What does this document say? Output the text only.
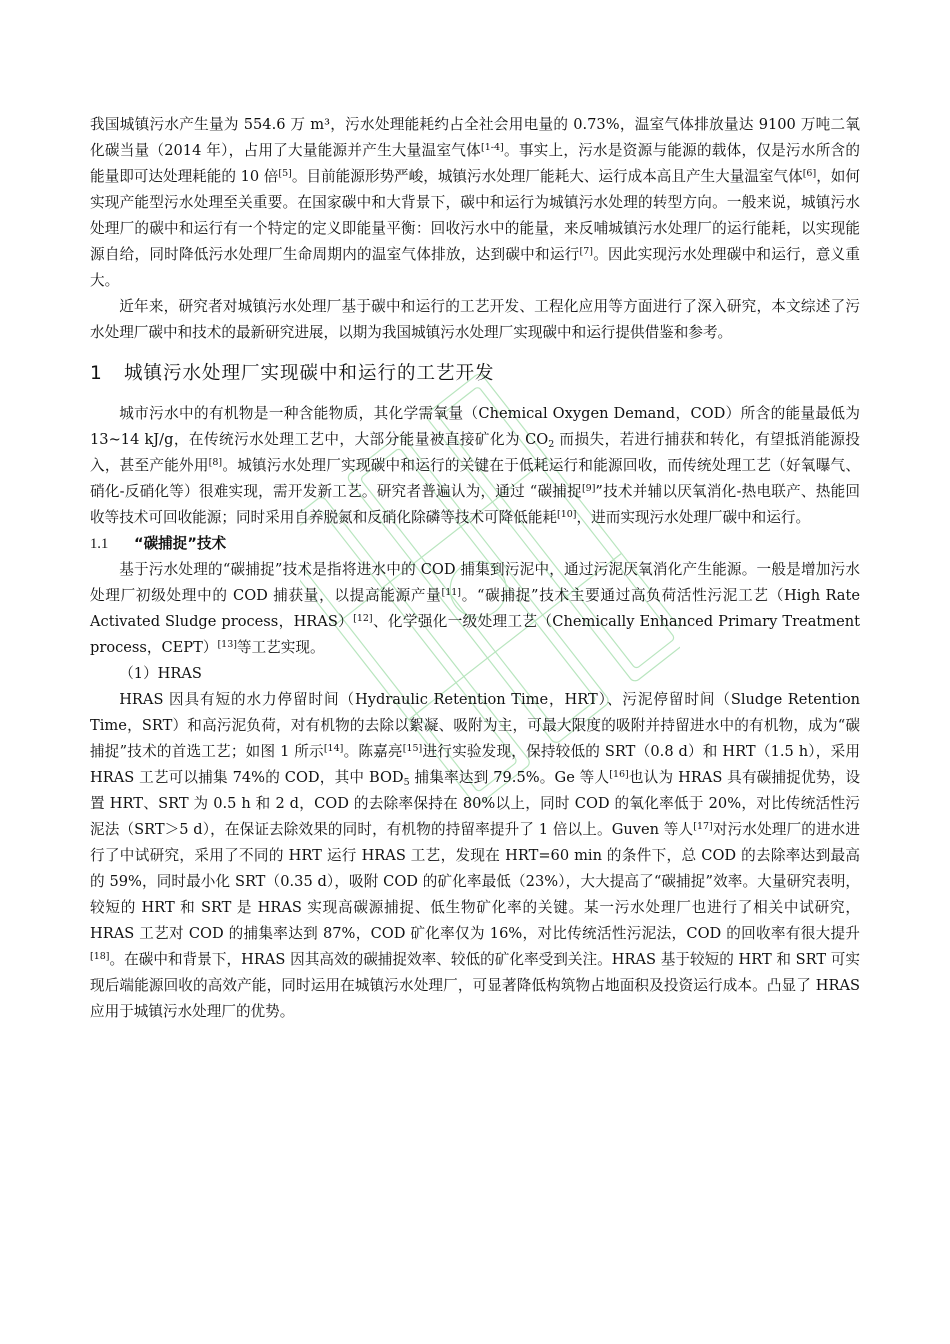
我国城镇污水产生量为 554.6 万 m³，污水处理能耗约占全社会用电量的 0.73%，温室气体排放量达 9100 万吨二氧化碳当量（2014 年），占用了大量能源并产生大量温室气体[1-4]。事实上，污水是资源与能源的载体，仅是污水所含的能量即可达处理耗能的 10 倍[5]。目前能源形势严峻，城镇污水处理厂能耗大、运行成本高且产生大量温室气体[6]，如何实现产能型污水处理至关重要。在国家碳中和大背景下，碳中和运行为城镇污水处理的转型方向。一般来说，城镇污水处理厂的碳中和运行有一个特定的定义即能量平衡：回收污水中的能量，来反哺城镇污水处理厂的运行能耗，以实现能源自给，同时降低污水处理厂生命周期内的温室气体排放，达到碳中和运行[7]。因此实现污水处理碳中和运行，意义重大。

近年来，研究者对城镇污水处理厂基于碳中和运行的工艺开发、工程化应用等方面进行了深入研究，本文综述了污水处理厂碳中和技术的最新研究进展，以期为我国城镇污水处理厂实现碳中和运行提供借鉴和参考。

1 城镇污水处理厂实现碳中和运行的工艺开发

城市污水中的有机物是一种含能物质，其化学需氧量（Chemical Oxygen Demand，COD）所含的能量最低为 13~14 kJ/g，在传统污水处理工艺中，大部分能量被直接矿化为 $CO_2$ 而损失，若进行捕获和转化，有望抵消能源投入，甚至产能外用[8]。城镇污水处理厂实现碳中和运行的关键在于低耗运行和能源回收，而传统处理工艺（好氧曝气、硝化-反硝化等）很难实现，需开发新工艺。研究者普遍认为，通过 “碳捕捉[9]”技术并辅以厌氧消化-热电联产、热能回收等技术可回收能源；同时采用自养脱氮和反硝化除磷等技术可降低能耗[10]，进而实现污水处理厂碳中和运行。

1.1 “碳捕捉”技术

基于污水处理的“碳捕捉”技术是指将进水中的 COD 捕集到污泥中，通过污泥厌氧消化产生能源。一般是增加污水处理厂初级处理中的 COD 捕获量，以提高能源产量[11]。“碳捕捉”技术主要通过高负荷活性污泥工艺（High Rate Activated Sludge process，HRAS）[12]、化学强化一级处理工艺（Chemically Enhanced Primary Treatment process，CEPT）[13]等工艺实现。

（1）HRAS

HRAS 因具有短的水力停留时间（Hydraulic Retention Time，HRT）、污泥停留时间（Sludge Retention Time，SRT）和高污泥负荷，对有机物的去除以絮凝、吸附为主，可最大限度的吸附并持留进水中的有机物，成为“碳捕捉”技术的首选工艺；如图 1 所示[14]。陈嘉亮[15]进行实验发现，保持较低的 SRT（0.8 d）和 HRT（1.5 h），采用 HRAS 工艺可以捕集 74%的 COD，其中 $BOD_5$ 捕集率达到 79.5%。Ge 等人[16]也认为 HRAS 具有碳捕捉优势，设置 HRT、SRT 为 0.5 h 和 2 d，COD 的去除率保持在 80%以上，同时 COD 的氧化率低于 20%，对比传统活性污泥法（SRT＞5 d），在保证去除效果的同时，有机物的持留率提升了 1 倍以上。Guven 等人[17]对污水处理厂的进水进行了中试研究，采用了不同的 HRT 运行 HRAS 工艺，发现在 HRT=60 min 的条件下，总 COD 的去除率达到最高的 59%，同时最小化 SRT（0.35 d），吸附 COD 的矿化率最低（23%），大大提高了“碳捕捉”效率。大量研究表明，较短的 HRT 和 SRT 是 HRAS 实现高碳源捕捉、低生物矿化率的关键。某一污水处理厂也进行了相关中试研究，HRAS 工艺对 COD 的捕集率达到 87%，COD 矿化率仅为 16%，对比传统活性污泥法，COD 的回收率有很大提升[18]。在碳中和背景下，HRAS 因其高效的碳捕捉效率、较低的矿化率受到关注。HRAS 基于较短的 HRT 和 SRT 可实现后端能源回收的高效产能，同时运用在城镇污水处理厂，可显著降低构筑物占地面积及投资运行成本。凸显了 HRAS 应用于城镇污水处理厂的优势。
